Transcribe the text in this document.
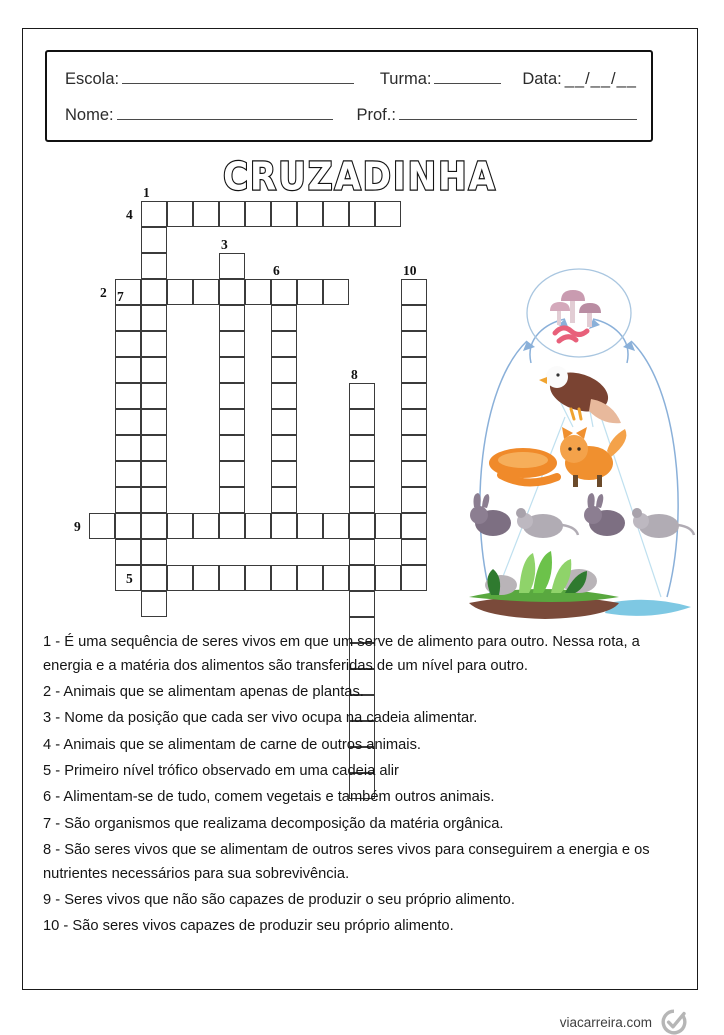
Escola:	Turma:	Data: __/__/__
Nome:	Prof.:
CRUZADINHA
1
4
3
2
6	10
7
8
9
5

1 - É uma sequência de seres vivos em que um serve de alimento para outro. Nessa rota, a energia e a matéria dos alimentos são transferidas de um nível para outro.

2 - Animais que se alimentam apenas de plantas.

3 - Nome da posição que cada ser vivo ocupa na cadeia alimentar.

4 - Animais que se alimentam de carne de outros animais.

5 - Primeiro nível trófico observado em uma cadeia alir

6 - Alimentam-se de tudo, comem vegetais e também outros animais.

7 - São organismos que realizama decomposição da matéria orgânica.

8 - São seres vivos que se alimentam de outros seres vivos para conseguirem a energia e os nutrientes necessários para sua sobrevivência.

9 - Seres vivos que não são capazes de produzir o seu próprio alimento.

10 - São seres vivos capazes de produzir seu próprio alimento.

viacarreira.com
